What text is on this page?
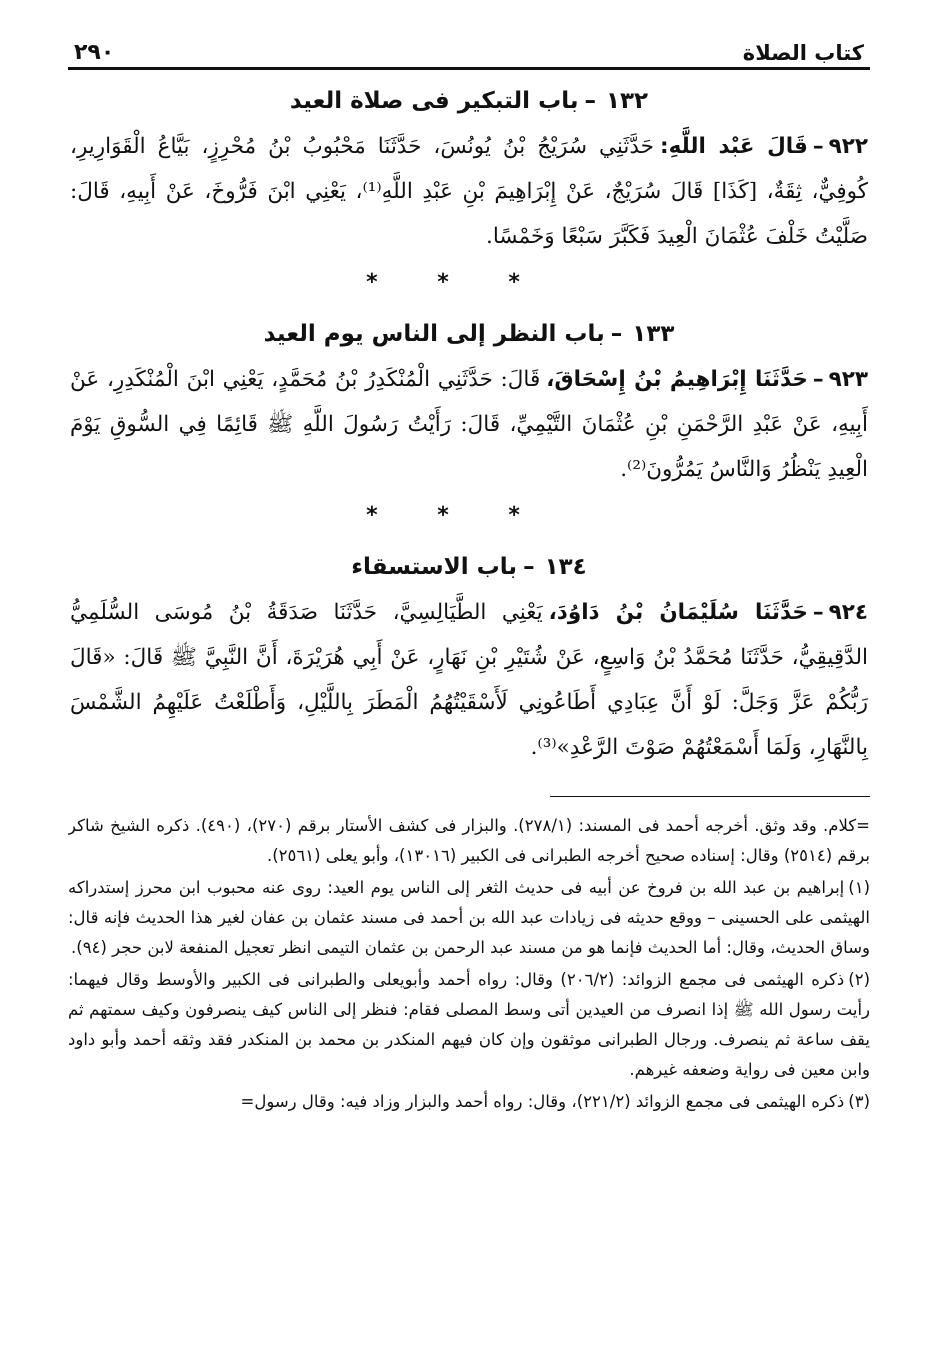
كتاب الصلاة
٢٩٠
١٣٢–باب التبكير فى صلاة العيد

٩٢٢–قَالَ عَبْد اللَّهِ:حَدَّثَنِي سُرَيْجُ بْنُ يُونُسَ، حَدَّثَنَا مَحْبُوبُ بْنُ مُحْرِزٍ، بَيَّاعُ الْقَوَارِيرِ، كُوفِيٌّ، ثِقَةٌ، [كَذَا] قَالَ سُرَيْجٌ، عَنْ إِبْرَاهِيمَ بْنِ عَبْدِ اللَّهِ⁽¹⁾، يَعْنِي ابْنَ فَرُّوخَ، عَنْ أَبِيهِ، قَالَ: صَلَّيْتُ خَلْفَ عُثْمَانَ الْعِيدَ فَكَبَّرَ سَبْعًا وَخَمْسًا.

* * *
١٣٣–باب النظر إلى الناس يوم العيد

٩٢٣–حَدَّثَنَا إِبْرَاهِيمُ بْنُ إِسْحَاقَ،قَالَ: حَدَّثَنِي الْمُنْكَدِرُ بْنُ مُحَمَّدٍ، يَعْنِي ابْنَ الْمُنْكَدِرِ، عَنْ أَبِيهِ، عَنْ عَبْدِ الرَّحْمَنِ بْنِ عُثْمَانَ التَّيْمِيِّ، قَالَ: رَأَيْتُ رَسُولَ اللَّهِ ﷺ قَائِمًا فِي السُّوقِ يَوْمَ الْعِيدِ يَنْظُرُ وَالنَّاسُ يَمُرُّونَ⁽²⁾.

* * *
١٣٤–باب الاستسقاء

٩٢٤–حَدَّثَنَا سُلَيْمَانُ بْنُ دَاوُدَ،يَعْنِي الطَّيَالِسِيَّ، حَدَّثَنَا صَدَقَةُ بْنُ مُوسَى السُّلَمِيُّ الدَّقِيقِيُّ، حَدَّثَنَا مُحَمَّدُ بْنُ وَاسِعٍ، عَنْ شُتَيْرِ بْنِ نَهَارٍ، عَنْ أَبِي هُرَيْرَةَ، أَنَّ النَّبِيَّ ﷺ قَالَ: «قَالَ رَبُّكُمْ عَزَّ وَجَلَّ: لَوْ أَنَّ عِبَادِي أَطَاعُونِي لَأَسْقَيْتُهُمُ الْمَطَرَ بِاللَّيْلِ، وَأَطْلَعْتُ عَلَيْهِمُ الشَّمْسَ بِالنَّهَارِ، وَلَمَا أَسْمَعْتُهُمْ صَوْتَ الرَّعْدِ»⁽³⁾.

=كلام. وقد وثق. أخرجه أحمد فى المسند: (٢٧٨/١). والبزار فى كشف الأستار برقم (٢٧٠)، (٤٩٠). ذكره الشيخ شاكر برقم (٢٥١٤) وقال: إسناده صحيح أخرجه الطبرانى فى الكبير (١٣٠١٦)، وأبو يعلى (٢٥٦١).

(١)إبراهيم بن عبد الله بن فروخ عن أبيه فى حديث الثغر إلى الناس يوم العيد: روى عنه محبوب ابن محرز إستدراكه الهيثمى على الحسينى – ووقع حديثه فى زيادات عبد الله بن أحمد فى مسند عثمان بن عفان لغير هذا الحديث فإنه قال: وساق الحديث، وقال: أما الحديث فإنما هو من مسند عبد الرحمن بن عثمان التيمى انظر تعجيل المنفعة لابن حجر (٩٤).

(٢)ذكره الهيثمى فى مجمع الزوائد: (٢٠٦/٢) وقال: رواه أحمد وأبويعلى والطبرانى فى الكبير والأوسط وقال فيهما: رأيت رسول الله ﷺ إذا انصرف من العيدين أتى وسط المصلى فقام: فنظر إلى الناس كيف ينصرفون وكيف سمتهم ثم يقف ساعة ثم ينصرف. ورجال الطبرانى موثقون وإن كان فيهم المنكدر بن محمد بن المنكدر فقد وثقه أحمد وأبو داود وابن معين فى رواية وضعفه غيرهم.

(٣)ذكره الهيثمى فى مجمع الزوائد (٢٢١/٢)، وقال: رواه أحمد والبزار وزاد فيه: وقال رسول=
